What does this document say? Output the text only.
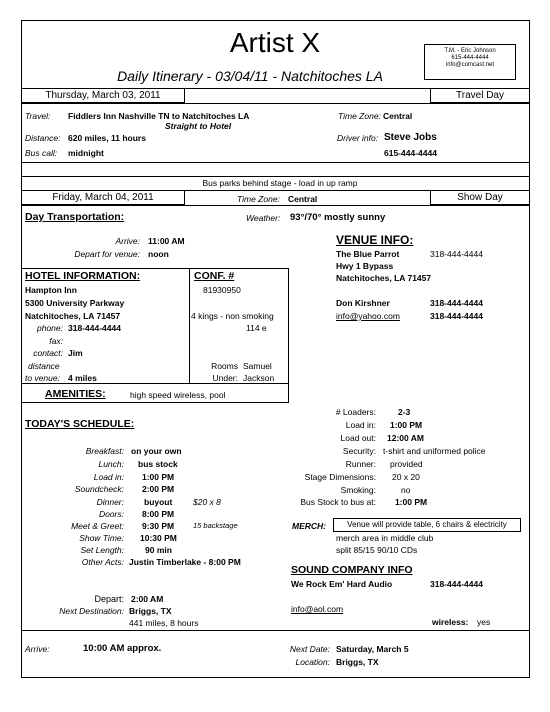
Artist X
Daily Itinerary - 03/04/11 - Natchitoches LA
T.M. - Eric Johnson
615-444-4444
info@comcast.net
Thursday, March 03, 2011	Travel Day
Travel: Fiddlers Inn Nashville TN to Natchitoches LA
Straight to Hotel
Time Zone: Central
Distance: 620 miles, 11 hours	Driver info: Steve Jobs
Bus call: midnight	615-444-4444
Bus parks behind stage - load in up ramp
Friday, March 04, 2011	Time Zone: Central	Show Day
Day Transportation:	Weather: 93°/70° mostly sunny
Arrive: 11:00 AM
Depart for venue: noon
VENUE INFO:
The Blue Parrot	318-444-4444
Hwy 1 Bypass
Natchitoches, LA 71457
Don Kirshner	318-444-4444
info@yahoo.com	318-444-4444
HOTEL INFORMATION:	CONF. #
Hampton Inn	81930950
5300 University Parkway
Natchitoches, LA 71457	4 kings - non smoking
phone: 318-444-4444	114 e
fax:
contact: Jim
distance
to venue: 4 miles
Rooms Samuel
Under: Jackson
AMENITIES:	high speed wireless, pool
# Loaders:	2-3
Load in: 1:00 PM
Load out: 12:00 AM
Security: t-shirt and uniformed police
Runner: provided
Stage Dimensions: 20 x 20
Smoking:	no
Bus Stock to bus at: 1:00 PM
TODAY'S SCHEDULE:
Breakfast: on your own
Lunch: bus stock
Load in: 1:00 PM
Soundcheck: 2:00 PM
Dinner: buyout $20 x 8
Doors: 8:00 PM
Meet & Greet: 9:30 PM	15 backstage
Show Time: 10:30 PM
Set Length: 90 min
Other Acts: Justin Timberlake - 8:00 PM
Depart: 2:00 AM
Next Destination: Briggs, TX
441 miles, 8 hours
MERCH:	Venue will provide table, 6 chairs & electricity
merch area in middle club
split 85/15 90/10 CDs
SOUND COMPANY INFO
We Rock Em' Hard Audio	318-444-4444
info@aol.com
wireless: yes
Arrive:	10:00 AM approx.	Next Date: Saturday, March 5
Location: Briggs, TX
